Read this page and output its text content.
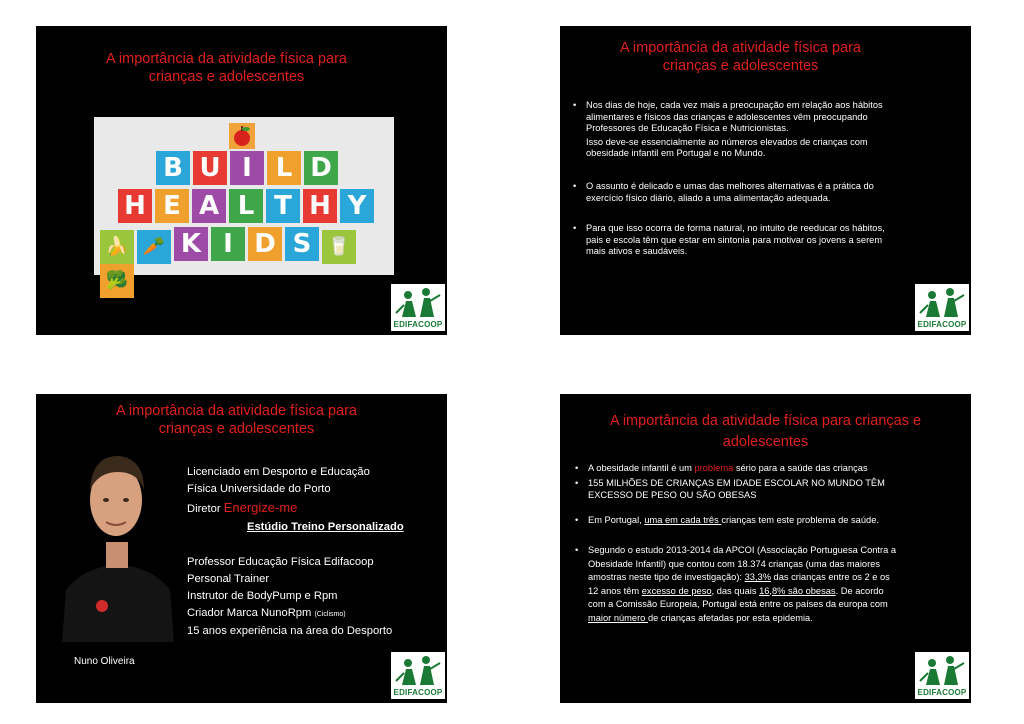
A importância da atividade física para
crianças e adolescentes
B U I L D
H E A L T H Y
🍌 🥕 K I D S 🥛🥦
EDIFACOOP
A importância da atividade física para
crianças e adolescentes
• Nos dias de hoje, cada vez mais a preocupação em relação aos hábitos
alimentares e físicos das crianças e adolescentes vêm preocupando
Professores de Educação Física e Nutricionistas.
Isso deve-se essencialmente ao números elevados de crianças com
obesidade infantil em Portugal e no Mundo.
• O assunto é delicado e umas das melhores alternativas é a prática do
exercício físico diário, aliado a uma alimentação adequada.
• Para que isso ocorra de forma natural, no intuito de reeducar os hábitos,
pais e escola têm que estar em sintonia para motivar os jovens a serem
mais ativos e saudáveis.
EDIFACOOP
A importância da atividade física para
crianças e adolescentes
Licenciado em Desporto e Educação
Física Universidade do Porto
Diretor Energize-me
Estúdio Treino Personalizado
Professor Educação Física Edifacoop
Personal Trainer
Instrutor de BodyPump e Rpm
Criador Marca NunoRpm (Ciclismo)
15 anos experiência na área do Desporto
Nuno Oliveira
EDIFACOOP
A importância da atividade física para crianças e
adolescentes
• A obesidade infantil é um problema sério para a saúde das crianças
• 155 MILHÕES DE CRIANÇAS EM IDADE ESCOLAR NO MUNDO TÊM
EXCESSO DE PESO OU SÃO OBESAS
• Em Portugal, uma em cada três crianças tem este problema de saúde.
• Segundo o estudo 2013-2014 da APCOI (Associação Portuguesa Contra a
Obesidade Infantil) que contou com 18.374 crianças (uma das maiores
amostras neste tipo de investigação): 33,3% das crianças entre os 2 e os
12 anos têm excesso de peso, das quais 16,8% são obesas. De acordo
com a Comissão Europeia, Portugal está entre os países da europa com
maior número de crianças afetadas por esta epidemia.
EDIFACOOP
